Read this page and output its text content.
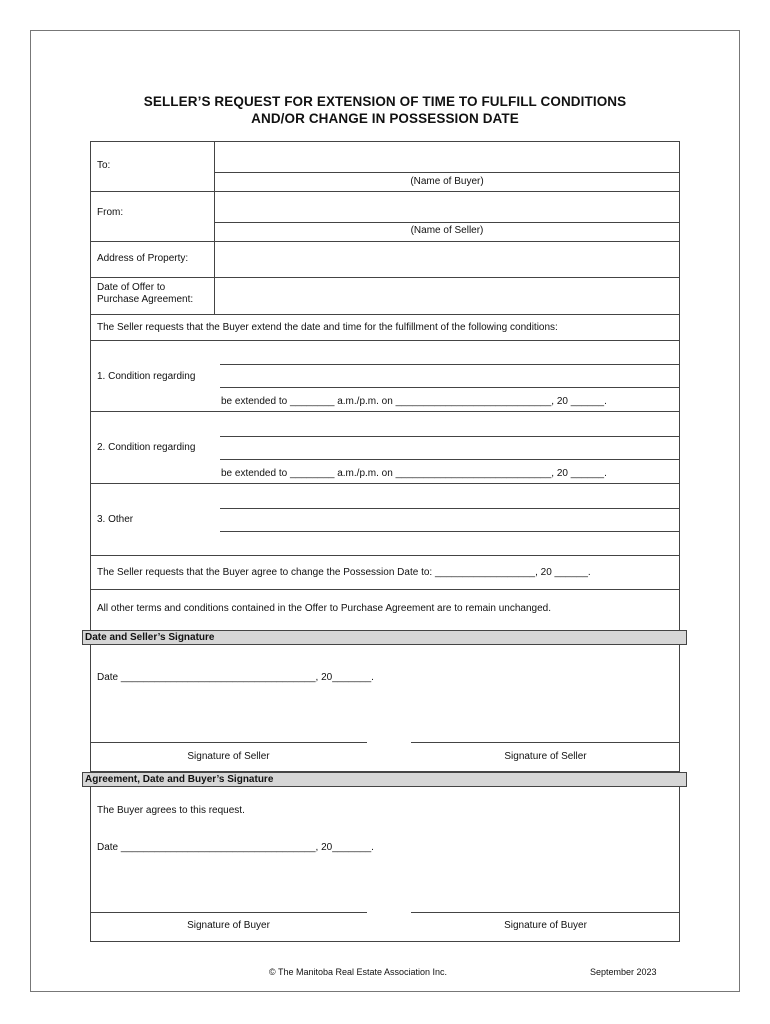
SELLER’S REQUEST FOR EXTENSION OF TIME TO FULFILL CONDITIONS
AND/OR CHANGE IN POSSESSION DATE
To:
(Name of Buyer)
From:
(Name of Seller)
Address of Property:
Date of Offer to
Purchase Agreement:
The Seller requests that the Buyer extend the date and time for the fulfillment of the following conditions:
1. Condition regarding
be extended to ________ a.m./p.m. on ____________________________, 20 ______.
2. Condition regarding
be extended to ________ a.m./p.m. on ____________________________, 20 ______.
3. Other
The Seller requests that the Buyer agree to change the Possession Date to: __________________, 20 ______.
All other terms and conditions contained in the Offer to Purchase Agreement are to remain unchanged.
Date and Seller’s Signature
Date ___________________________________, 20_______.
Signature of Seller	Signature of Seller
Agreement, Date and Buyer’s Signature
The Buyer agrees to this request.
Date ___________________________________, 20_______.
Signature of Buyer	Signature of Buyer
© The Manitoba Real Estate Association Inc.	September 2023
